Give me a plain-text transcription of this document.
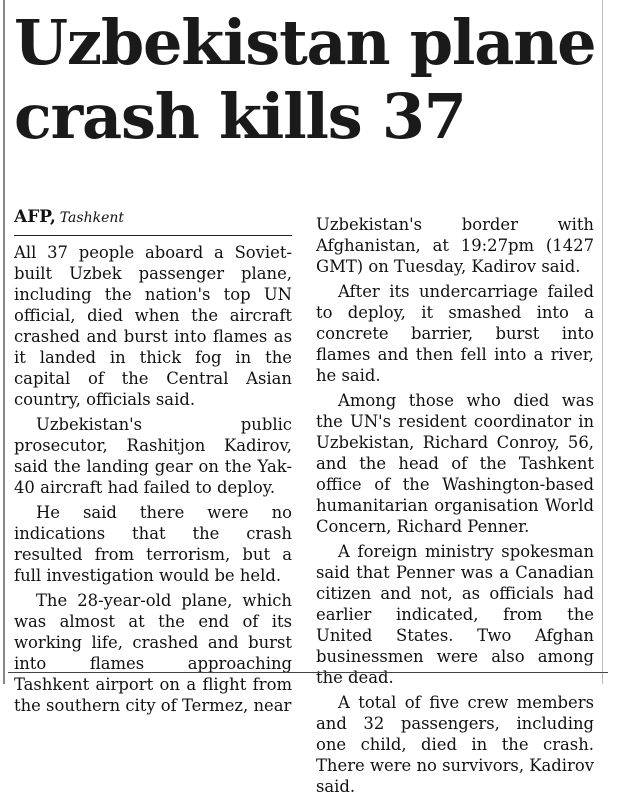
Uzbekistan plane crash kills 37
AFP, Tashkent

All 37 people aboard a Soviet-built Uzbek passenger plane, including the nation's top UN official, died when the aircraft crashed and burst into flames as it landed in thick fog in the capital of the Central Asian country, officials said.

Uzbekistan's public prosecutor, Rashitjon Kadirov, said the landing gear on the Yak-40 aircraft had failed to deploy.

He said there were no indications that the crash resulted from terrorism, but a full investigation would be held.

The 28-year-old plane, which was almost at the end of its working life, crashed and burst into flames approaching Tashkent airport on a flight from the southern city of Termez, near

Uzbekistan's border with Afghanistan, at 19:27pm (1427 GMT) on Tuesday, Kadirov said.

After its undercarriage failed to deploy, it smashed into a concrete barrier, burst into flames and then fell into a river, he said.

Among those who died was the UN's resident coordinator in Uzbekistan, Richard Conroy, 56, and the head of the Tashkent office of the Washington-based humanitarian organisation World Concern, Richard Penner.

A foreign ministry spokesman said that Penner was a Canadian citizen and not, as officials had earlier indicated, from the United States. Two Afghan businessmen were also among the dead.

A total of five crew members and 32 passengers, including one child, died in the crash. There were no survivors, Kadirov said.
